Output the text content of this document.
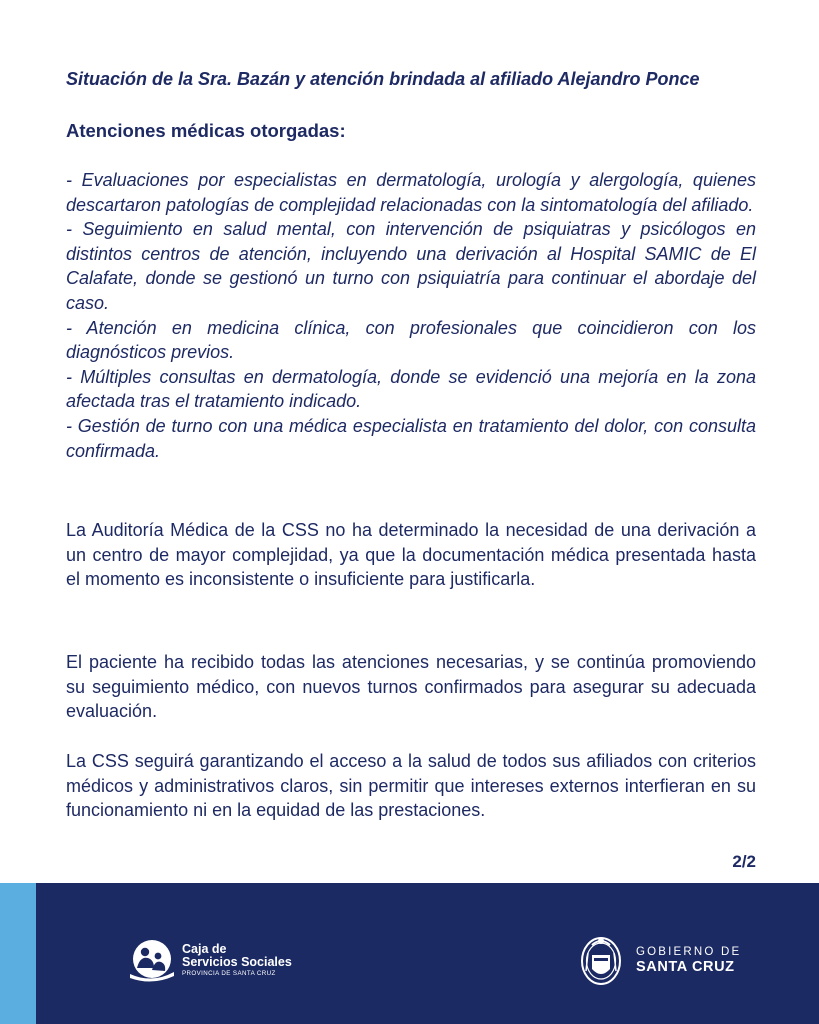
Situación de la Sra. Bazán y atención brindada al afiliado Alejandro Ponce
Atenciones médicas otorgadas:

- Evaluaciones por especialistas en dermatología, urología y alergología, quienes descartaron patologías de complejidad relacionadas con la sintomatología del afiliado.

- Seguimiento en salud mental, con intervención de psiquiatras y psicólogos en distintos centros de atención, incluyendo una derivación al Hospital SAMIC de El Calafate, donde se gestionó un turno con psiquiatría para continuar el abordaje del caso.

- Atención en medicina clínica, con profesionales que coincidieron con los diagnósticos previos.

- Múltiples consultas en dermatología, donde se evidenció una mejoría en la zona afectada tras el tratamiento indicado.

- Gestión de turno con una médica especialista en tratamiento del dolor, con consulta confirmada.

La Auditoría Médica de la CSS no ha determinado la necesidad de una derivación a un centro de mayor complejidad, ya que la documentación médica presentada hasta el momento es inconsistente o insuficiente para justificarla.

El paciente ha recibido todas las atenciones necesarias, y se continúa promoviendo su seguimiento médico, con nuevos turnos confirmados para asegurar su adecuada evaluación.

La CSS seguirá garantizando el acceso a la salud de todos sus afiliados con criterios médicos y administrativos claros, sin permitir que intereses externos interfieran en su funcionamiento ni en la equidad de las prestaciones.

2/2
Caja de
Servicios Sociales
PROVINCIA DE SANTA CRUZ
GOBIERNO DE
SANTA CRUZ
